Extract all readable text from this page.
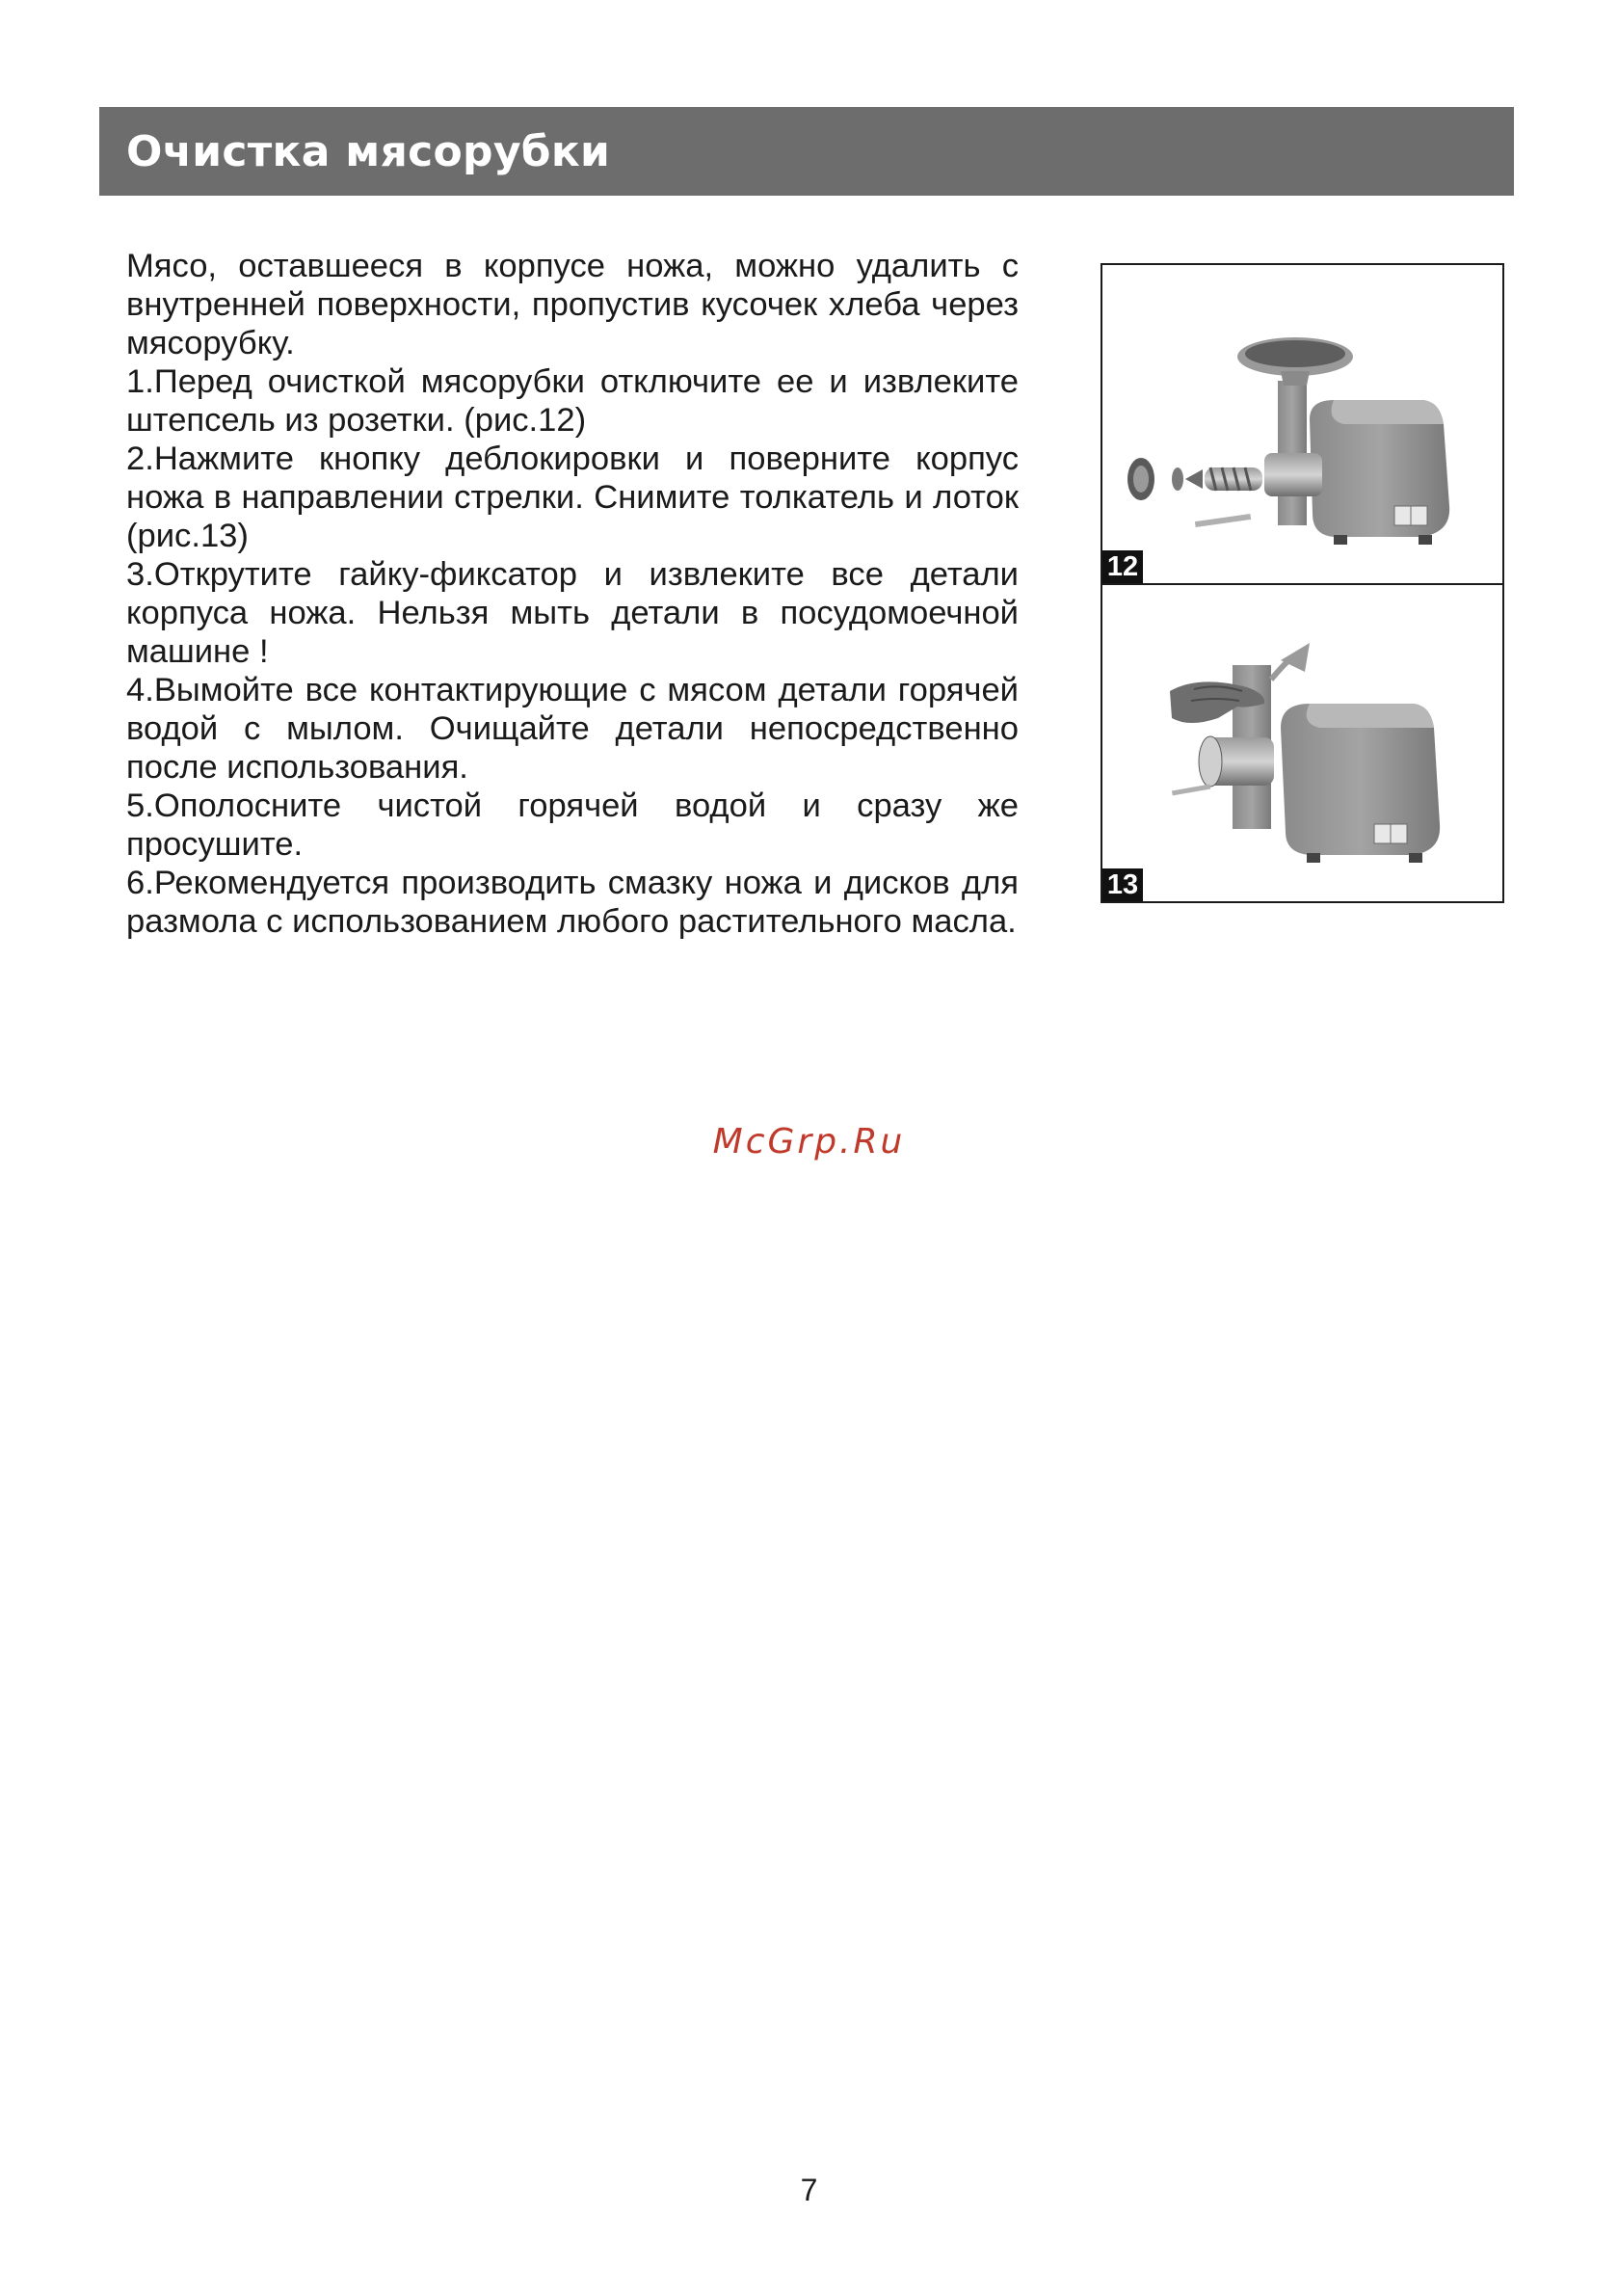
Очистка мясорубки

Мясо, оставшееся в корпусе ножа, можно удалить с внутренней поверхности, пропустив кусочек хлеба через мясорубку.

1.Перед очисткой мясорубки отключите ее и извлеките штепсель из розетки. (рис.12)

2.Нажмите кнопку деблокировки и поверните корпус ножа в направлении стрелки. Снимите толкатель и лоток (рис.13)

3.Открутите гайку-фиксатор и извлеките все детали корпуса ножа. Нельзя мыть детали в посудомоечной машине !

4.Вымойте все контактирующие с мясом детали горячей водой с мылом. Очищайте детали непосредственно после использования.

5.Ополосните чистой горячей водой и сразу же просушите.

6.Рекомендуется производить смазку ножа и дисков для размола с использованием любого растительного масла.

12
13
McGrp.Ru
7
